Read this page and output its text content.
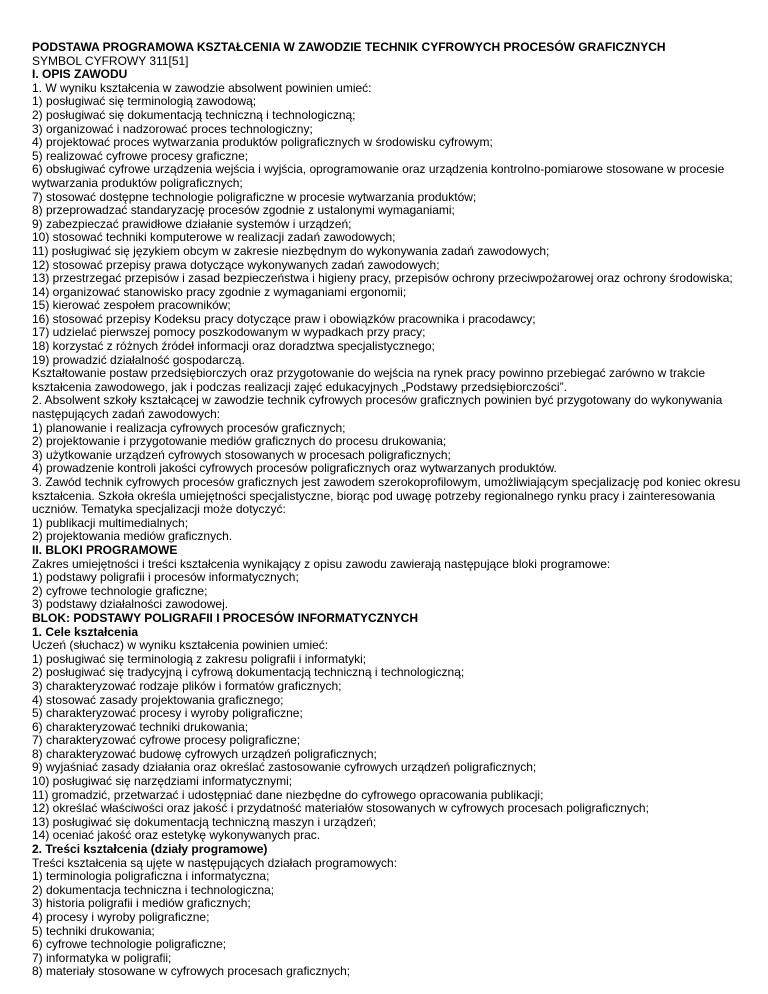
PODSTAWA PROGRAMOWA KSZTAŁCENIA W ZAWODZIE TECHNIK CYFROWYCH PROCESÓW GRAFICZNYCH

SYMBOL CYFROWY 311[51]

I. OPIS ZAWODU

1. W wyniku kształcenia w zawodzie absolwent powinien umieć:

1) posługiwać się terminologią zawodową;

2) posługiwać się dokumentacją techniczną i technologiczną;

3) organizować i nadzorować proces technologiczny;

4) projektować proces wytwarzania produktów poligraficznych w środowisku cyfrowym;

5) realizować cyfrowe procesy graficzne;

6) obsługiwać cyfrowe urządzenia wejścia i wyjścia, oprogramowanie oraz urządzenia kontrolno-pomiarowe stosowane w procesie wytwarzania produktów poligraficznych;

7) stosować dostępne technologie poligraficzne w procesie wytwarzania produktów;

8) przeprowadzać standaryzację procesów zgodnie z ustalonymi wymaganiami;

9) zabezpieczać prawidłowe działanie systemów i urządzeń;

10) stosować techniki komputerowe w realizacji zadań zawodowych;

11) posługiwać się językiem obcym w zakresie niezbędnym do wykonywania zadań zawodowych;

12) stosować przepisy prawa dotyczące wykonywanych zadań zawodowych;

13) przestrzegać przepisów i zasad bezpieczeństwa i higieny pracy, przepisów ochrony przeciwpożarowej oraz ochrony środowiska;

14) organizować stanowisko pracy zgodnie z wymaganiami ergonomii;

15) kierować zespołem pracowników;

16) stosować przepisy Kodeksu pracy dotyczące praw i obowiązków pracownika i pracodawcy;

17) udzielać pierwszej pomocy poszkodowanym w wypadkach przy pracy;

18) korzystać z różnych źródeł informacji oraz doradztwa specjalistycznego;

19) prowadzić działalność gospodarczą.

Kształtowanie postaw przedsiębiorczych oraz przygotowanie do wejścia na rynek pracy powinno przebiegać zarówno w trakcie kształcenia zawodowego, jak i podczas realizacji zajęć edukacyjnych „Podstawy przedsiębiorczości”.

2. Absolwent szkoły kształcącej w zawodzie technik cyfrowych procesów graficznych powinien być przygotowany do wykonywania następujących zadań zawodowych:

1) planowanie i realizacja cyfrowych procesów graficznych;

2) projektowanie i przygotowanie mediów graficznych do procesu drukowania;

3) użytkowanie urządzeń cyfrowych stosowanych w procesach poligraficznych;

4) prowadzenie kontroli jakości cyfrowych procesów poligraficznych oraz wytwarzanych produktów.

3. Zawód technik cyfrowych procesów graficznych jest zawodem szerokoprofilowym, umożliwiającym specjalizację pod koniec okresu kształcenia. Szkoła określa umiejętności specjalistyczne, biorąc pod uwagę potrzeby regionalnego rynku pracy i zainteresowania uczniów. Tematyka specjalizacji może dotyczyć:

1) publikacji multimedialnych;

2) projektowania mediów graficznych.

II. BLOKI PROGRAMOWE

Zakres umiejętności i treści kształcenia wynikający z opisu zawodu zawierają następujące bloki programowe:

1) podstawy poligrafii i procesów informatycznych;

2) cyfrowe technologie graficzne;

3) podstawy działalności zawodowej.

BLOK: PODSTAWY POLIGRAFII I PROCESÓW INFORMATYCZNYCH

1. Cele kształcenia

Uczeń (słuchacz) w wyniku kształcenia powinien umieć:

1) posługiwać się terminologią z zakresu poligrafii i informatyki;

2) posługiwać się tradycyjną i cyfrową dokumentacją techniczną i technologiczną;

3) charakteryzować rodzaje plików i formatów graficznych;

4) stosować zasady projektowania graficznego;

5) charakteryzować procesy i wyroby poligraficzne;

6) charakteryzować techniki drukowania;

7) charakteryzować cyfrowe procesy poligraficzne;

8) charakteryzować budowę cyfrowych urządzeń poligraficznych;

9) wyjaśniać zasady działania oraz określać zastosowanie cyfrowych urządzeń poligraficznych;

10) posługiwać się narzędziami informatycznymi;

11) gromadzić, przetwarzać i udostępniać dane niezbędne do cyfrowego opracowania publikacji;

12) określać właściwości oraz jakość i przydatność materiałów stosowanych w cyfrowych procesach poligraficznych;

13) posługiwać się dokumentacją techniczną maszyn i urządzeń;

14) oceniać jakość oraz estetykę wykonywanych prac.

2. Treści kształcenia (działy programowe)

Treści kształcenia są ujęte w następujących działach programowych:

1) terminologia poligraficzna i informatyczna;

2) dokumentacja techniczna i technologiczna;

3) historia poligrafii i mediów graficznych;

4) procesy i wyroby poligraficzne;

5) techniki drukowania;

6) cyfrowe technologie poligraficzne;

7) informatyka w poligrafii;

8) materiały stosowane w cyfrowych procesach graficznych;
